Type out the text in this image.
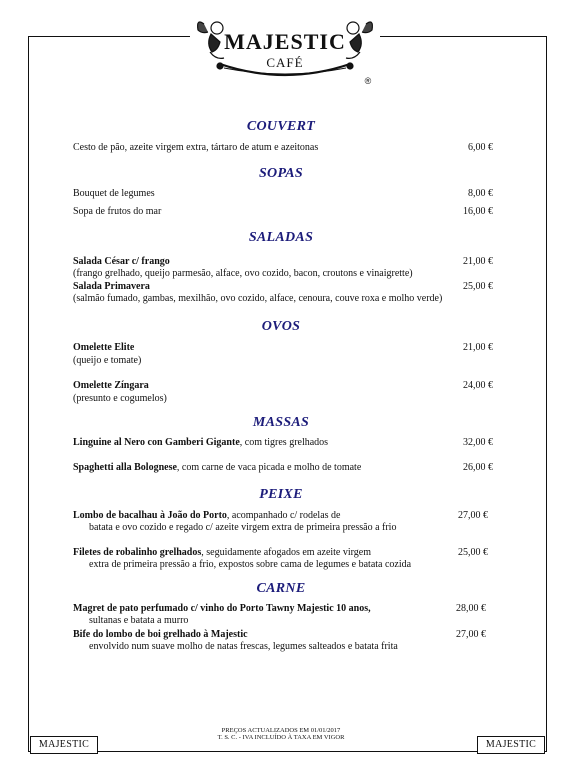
MAJESTIC
CAFÉ
®
COUVERT
Cesto de pão, azeite virgem extra, tártaro de atum e azeitonas	6,00 €
SOPAS
Bouquet de legumes	8,00 €
Sopa de frutos do mar	16,00 €
SALADAS
Salada César c/ frango	21,00 €
(frango grelhado, queijo parmesão, alface, ovo cozido, bacon, croutons e vinaigrette)
Salada Primavera	25,00 €
(salmão fumado, gambas, mexilhão, ovo cozido, alface, cenoura, couve roxa e molho verde)
OVOS
Omelette Elite	21,00 €
(queijo e tomate)
Omelette Zíngara	24,00 €
(presunto e cogumelos)
MASSAS
Linguine al Nero con Gamberi Gigante, com tigres grelhados	32,00 €
Spaghetti alla Bolognese, com carne de vaca picada e molho de tomate	26,00 €
PEIXE
Lombo de bacalhau à João do Porto, acompanhado c/ rodelas de	27,00 €
batata e ovo cozido e regado c/ azeite virgem extra de primeira pressão a frio
Filetes de robalinho grelhados, seguidamente afogados em azeite virgem	25,00 €
extra de primeira pressão a frio, expostos sobre cama de legumes e batata cozida
CARNE
Magret de pato perfumado c/ vinho do Porto Tawny Majestic 10 anos,	28,00 €
sultanas e batata a murro
Bife do lombo de boi grelhado à Majestic	27,00 €
envolvido num suave molho de natas frescas, legumes salteados e batata frita
PREÇOS ACTUALIZADOS EM 01/01/2017
T. S. C. - IVA INCLUÍDO À TAXA EM VIGOR
MAJESTIC	MAJESTIC
